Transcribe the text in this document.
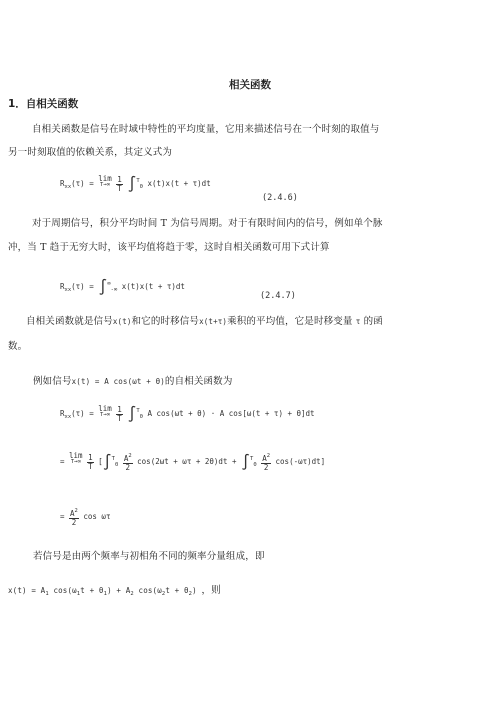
相关函数
1．自相关函数
自相关函数是信号在时域中特性的平均度量，它用来描述信号在一个时刻的取值与
另一时刻取值的依赖关系，其定义式为
$R_{xx}(\tau) = \lim$
T→∞
$\frac{1}{T} \int^T_0$ x(t)x(t + τ)dt
(2.4.6)
对于周期信号，积分平均时间 T 为信号周期。对于有限时间内的信号，例如单个脉
冲，当 T 趋于无穷大时，该平均值将趋于零，这时自相关函数可用下式计算
$R_{xx}(\tau) = \int^\infty_{-\infty}$ x(t)x(t + τ)dt
(2.4.7)
自相关函数就是信号x(t)和它的时移信号x(t+τ)乘积的平均值，它是时移变量 τ 的函
数。
例如信号x(t) = A cos(ωt + θ)的自相关函数为
$R_{xx}(\tau) = \lim$
T→∞
$\frac{1}{T} \int^T_0$ A cos(ωt + θ) · A cos[ω(t + τ) + θ]dt
= lim
T→∞
$\frac{1}{T} [\int^T_0 \frac{A^2}{2} \cos(2\omega t + \omega\tau + 2\theta)dt + \int^T_0 \frac{A^2}{2} \cos(-\omega\tau)dt]$
= $\frac{A^2}{2}$ cos ωτ
若信号是由两个频率与初相角不同的频率分量组成，即
$x(t) = A_1$ $\cos(\omega_1t + \theta_1) + A_2$ $\cos(\omega_2t + \theta_2)$ ，则
